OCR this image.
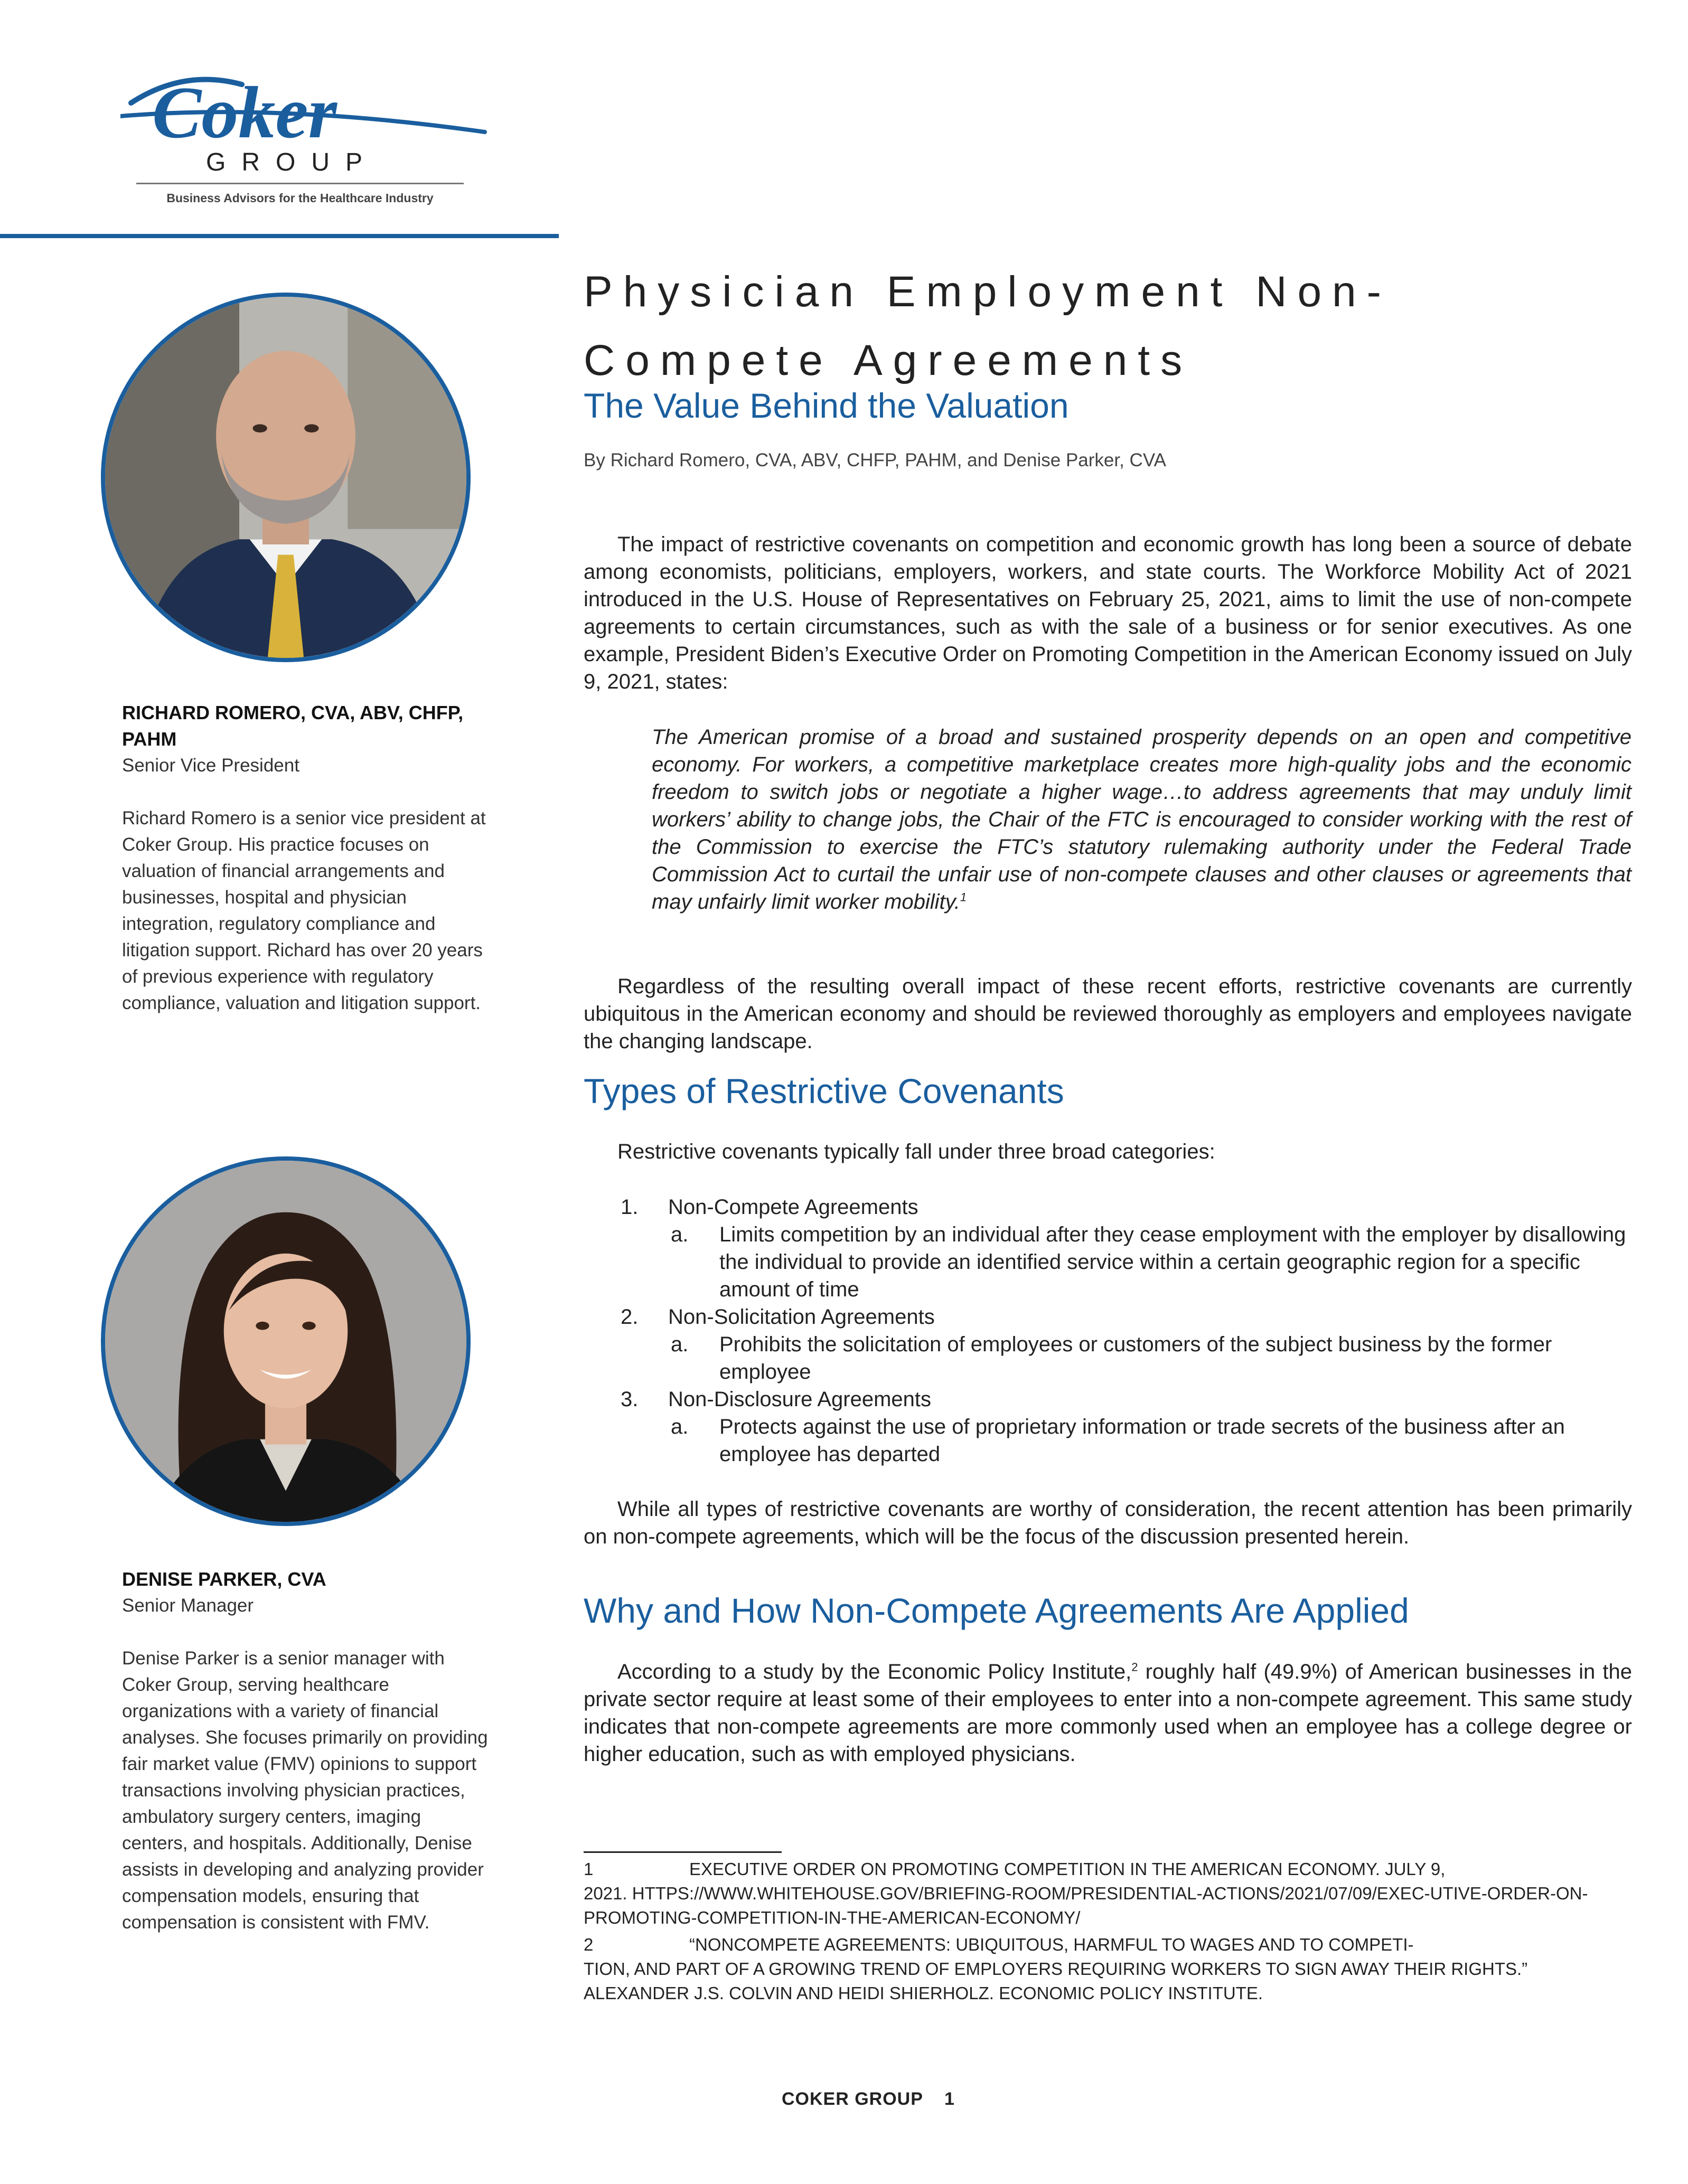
Coker
GROUP
Business Advisors for the Healthcare Industry
RICHARD ROMERO, CVA, ABV, CHFP, PAHM
Senior Vice President
Richard Romero is a senior vice president at Coker Group. His practice focuses on valuation of financial arrangements and businesses, hospital and physician integration, regulatory compliance and litigation support. Richard has over 20 years of previous experience with regulatory compliance, valuation and litigation support.
DENISE PARKER, CVA
Senior Manager
Denise Parker is a senior manager with Coker Group, serving healthcare organizations with a variety of financial analyses. She focuses primarily on providing fair market value (FMV) opinions to support transactions involving physician practices, ambulatory surgery centers, imaging centers, and hospitals. Additionally, Denise assists in developing and analyzing provider compensation models, ensuring that compensation is consistent with FMV.
Physician Employment Non-Compete Agreements
The Value Behind the Valuation
By Richard Romero, CVA, ABV, CHFP, PAHM, and Denise Parker, CVA

The impact of restrictive covenants on competition and economic growth has long been a source of debate among economists, politicians, employers, workers, and state courts. The Workforce Mobility Act of 2021 introduced in the U.S. House of Representatives on February 25, 2021, aims to limit the use of non-compete agreements to certain circumstances, such as with the sale of a business or for senior executives. As one example, President Biden’s Executive Order on Promoting Competition in the American Economy issued on July 9, 2021, states:

The American promise of a broad and sustained prosperity depends on an open and competitive economy. For workers, a competitive marketplace creates more high-quality jobs and the economic freedom to switch jobs or negotiate a higher wage…to address agreements that may unduly limit workers’ ability to change jobs, the Chair of the FTC is encouraged to consider working with the rest of the Commission to exercise the FTC’s statutory rulemaking authority under the Federal Trade Commission Act to curtail the unfair use of non-compete clauses and other clauses or agreements that may unfairly limit worker mobility.$^1$

Regardless of the resulting overall impact of these recent efforts, restrictive covenants are currently ubiquitous in the American economy and should be reviewed thoroughly as employers and employees navigate the changing landscape.

Types of Restrictive Covenants

Restrictive covenants typically fall under three broad categories:

1. Non-Compete Agreements
a. Limits competition by an individual after they cease employment with the employer by disallowing the individual to provide an identified service within a certain geographic region for a specific amount of time
2. Non-Solicitation Agreements
a. Prohibits the solicitation of employees or customers of the subject business by the former employee
3. Non-Disclosure Agreements
a. Protects against the use of proprietary information or trade secrets of the business after an employee has departed

While all types of restrictive covenants are worthy of consideration, the recent attention has been primarily on non-compete agreements, which will be the focus of the discussion presented herein.

Why and How Non-Compete Agreements Are Applied

According to a study by the Economic Policy Institute,$^2$ roughly half (49.9%) of American businesses in the private sector require at least some of their employees to enter into a non-compete agreement. This same study indicates that non-compete agreements are more commonly used when an employee has a college degree or higher education, such as with employed physicians.

1	EXECUTIVE ORDER ON PROMOTING COMPETITION IN THE AMERICAN ECONOMY. JULY 9,
2021. HTTPS://WWW.WHITEHOUSE.GOV/BRIEFING-ROOM/PRESIDENTIAL-ACTIONS/2021/07/09/EXEC-UTIVE-ORDER-ON-PROMOTING-COMPETITION-IN-THE-AMERICAN-ECONOMY/
2	“NONCOMPETE AGREEMENTS: UBIQUITOUS, HARMFUL TO WAGES AND TO COMPETI-
TION, AND PART OF A GROWING TREND OF EMPLOYERS REQUIRING WORKERS TO SIGN AWAY THEIR RIGHTS.” ALEXANDER J.S. COLVIN AND HEIDI SHIERHOLZ. ECONOMIC POLICY INSTITUTE.
COKER GROUP 1
